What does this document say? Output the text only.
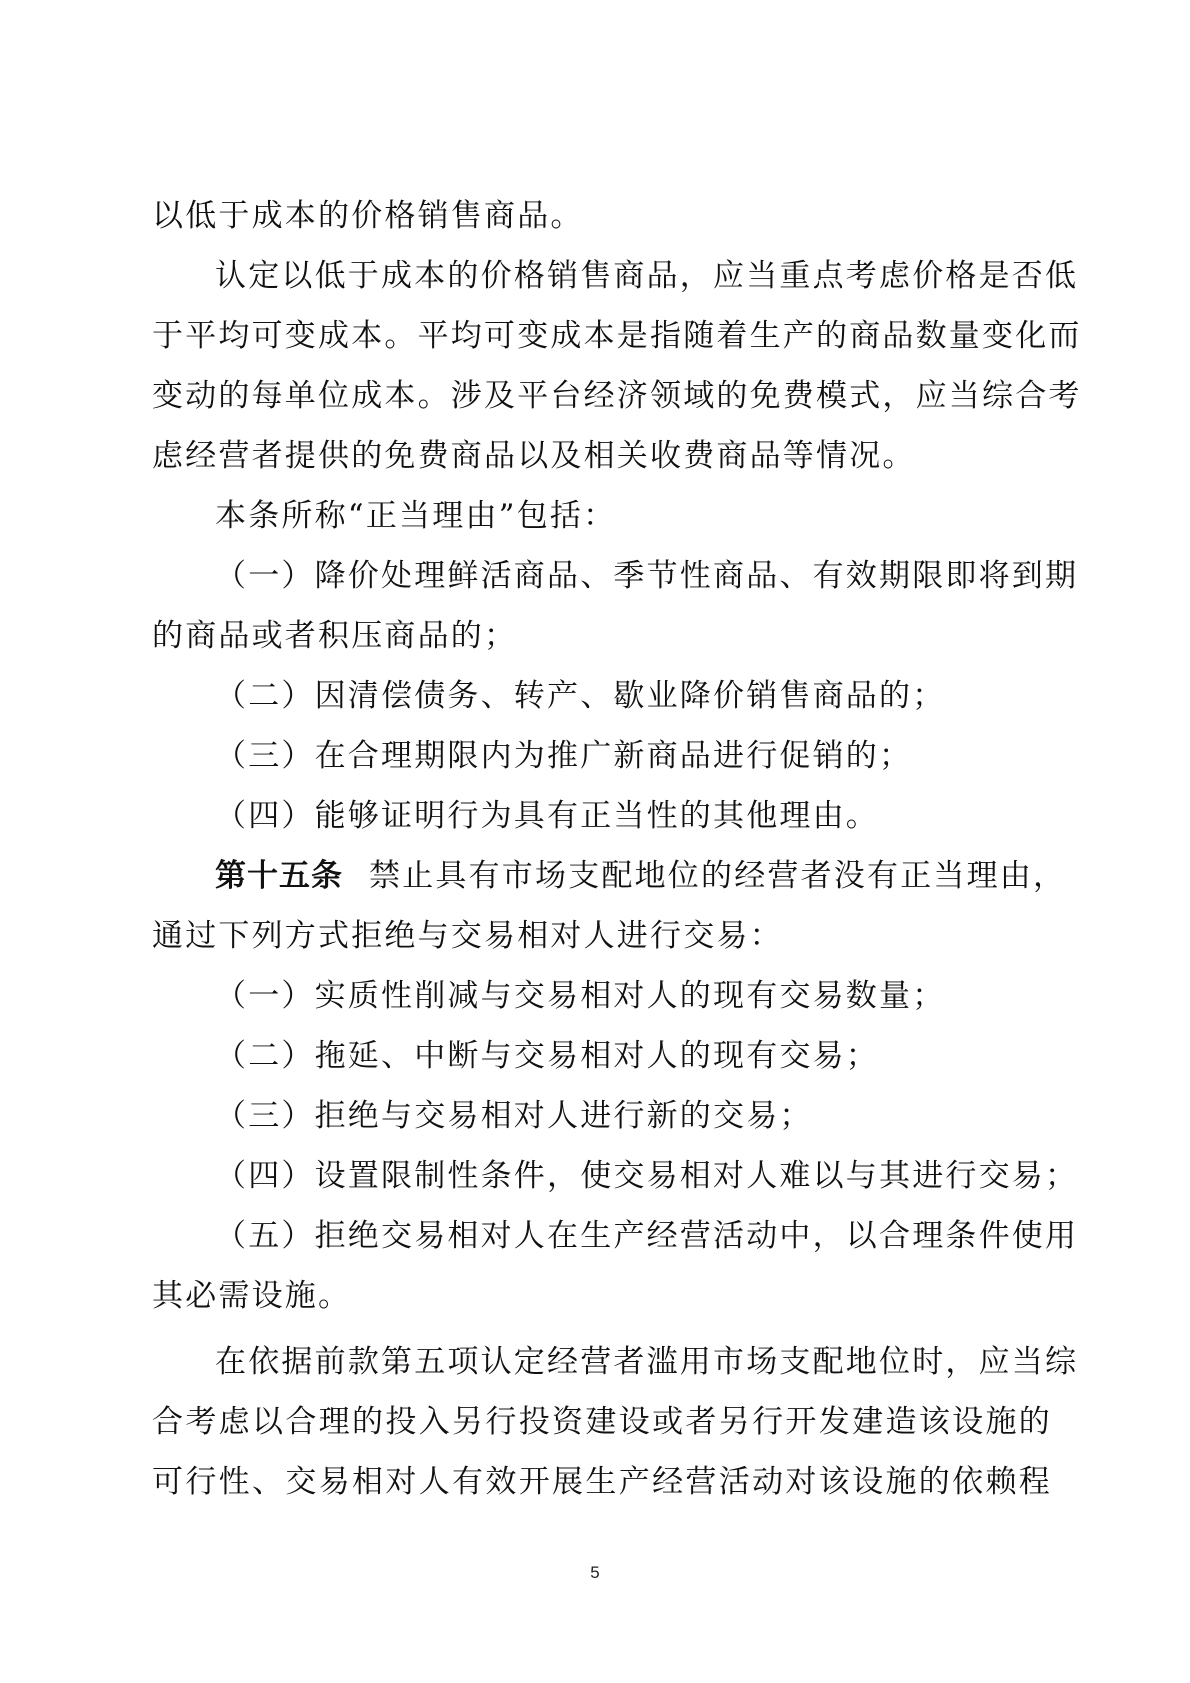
以低于成本的价格销售商品。
认定以低于成本的价格销售商品，应当重点考虑价格是否低
于平均可变成本。平均可变成本是指随着生产的商品数量变化而
变动的每单位成本。涉及平台经济领域的免费模式，应当综合考
虑经营者提供的免费商品以及相关收费商品等情况。
本条所称“正当理由”包括：
（一）降价处理鲜活商品、季节性商品、有效期限即将到期
的商品或者积压商品的；
（二）因清偿债务、转产、歇业降价销售商品的；
（三）在合理期限内为推广新商品进行促销的；
（四）能够证明行为具有正当性的其他理由。
第十五条 禁止具有市场支配地位的经营者没有正当理由，
通过下列方式拒绝与交易相对人进行交易：
（一）实质性削减与交易相对人的现有交易数量；
（二）拖延、中断与交易相对人的现有交易；
（三）拒绝与交易相对人进行新的交易；
（四）设置限制性条件，使交易相对人难以与其进行交易；
（五）拒绝交易相对人在生产经营活动中，以合理条件使用
其必需设施。
在依据前款第五项认定经营者滥用市场支配地位时，应当综
合考虑以合理的投入另行投资建设或者另行开发建造该设施的
可行性、交易相对人有效开展生产经营活动对该设施的依赖程
5
